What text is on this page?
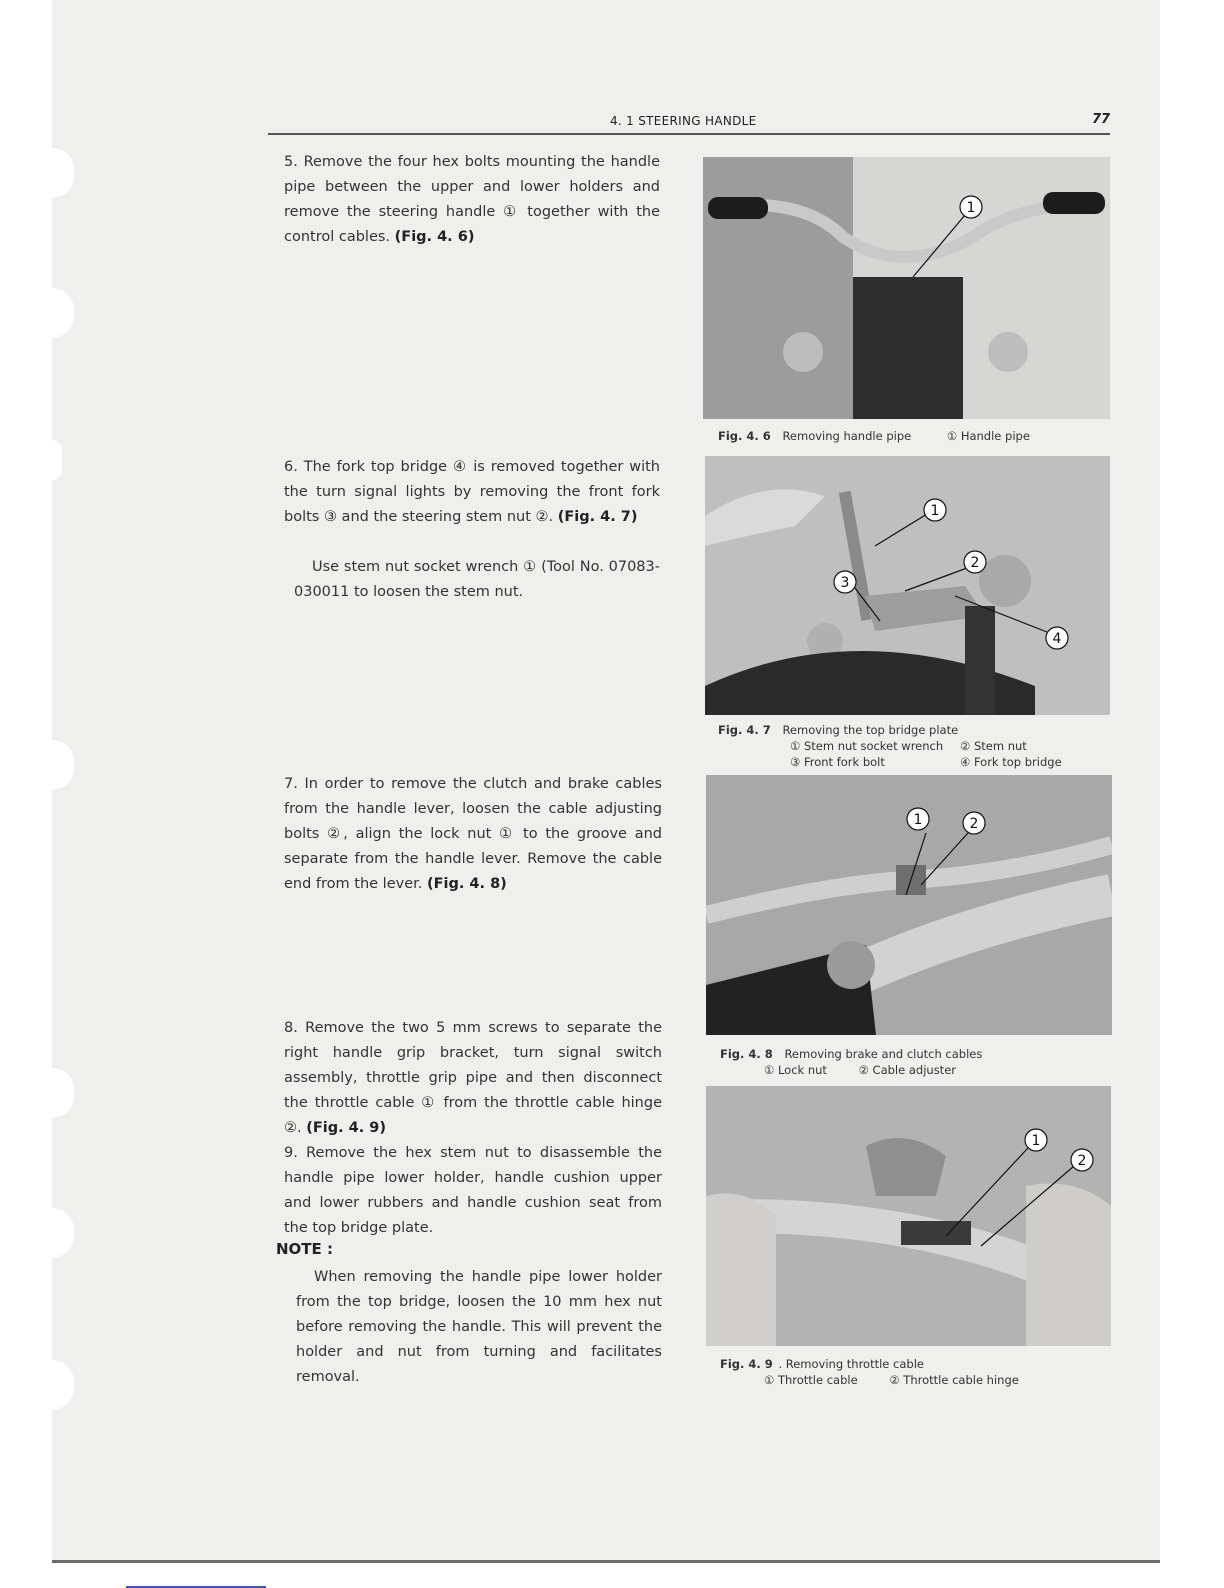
4. 1 STEERING HANDLE	77
5. Remove the four hex bolts mounting the handle pipe between the upper and lower holders and remove the steering handle ① together with the control cables. (Fig. 4. 6)
6. The fork top bridge ④ is removed together with the turn signal lights by removing the front fork bolts ③ and the steering stem nut ②. (Fig. 4. 7)
Use stem nut socket wrench ① (Tool No. 07083-030011 to loosen the stem nut.
7. In order to remove the clutch and brake cables from the handle lever, loosen the cable adjusting bolts ②, align the lock nut ① to the groove and separate from the handle lever. Remove the cable end from the lever. (Fig. 4. 8)
8. Remove the two 5 mm screws to separate the right handle grip bracket, turn signal switch assembly, throttle grip pipe and then disconnect the throttle cable ① from the throttle cable hinge ②. (Fig. 4. 9)
9. Remove the hex stem nut to disassemble the handle pipe lower holder, handle cushion upper and lower rubbers and handle cushion seat from the top bridge plate.
NOTE :
When removing the handle pipe lower holder from the top bridge, loosen the 10 mm hex nut before removing the handle. This will prevent the holder and nut from turning and facilitates removal.
1
Fig. 4. 6 Removing handle pipe	① Handle pipe
1
2
3
4
Fig. 4. 7 Removing the top bridge plate
① Stem nut socket wrench	② Stem nut
③ Front fork bolt	④ Fork top bridge
1	2
Fig. 4. 8 Removing brake and clutch cables
① Lock nut	② Cable adjuster
1
2
Fig. 4. 9 . Removing throttle cable
① Throttle cable	② Throttle cable hinge
